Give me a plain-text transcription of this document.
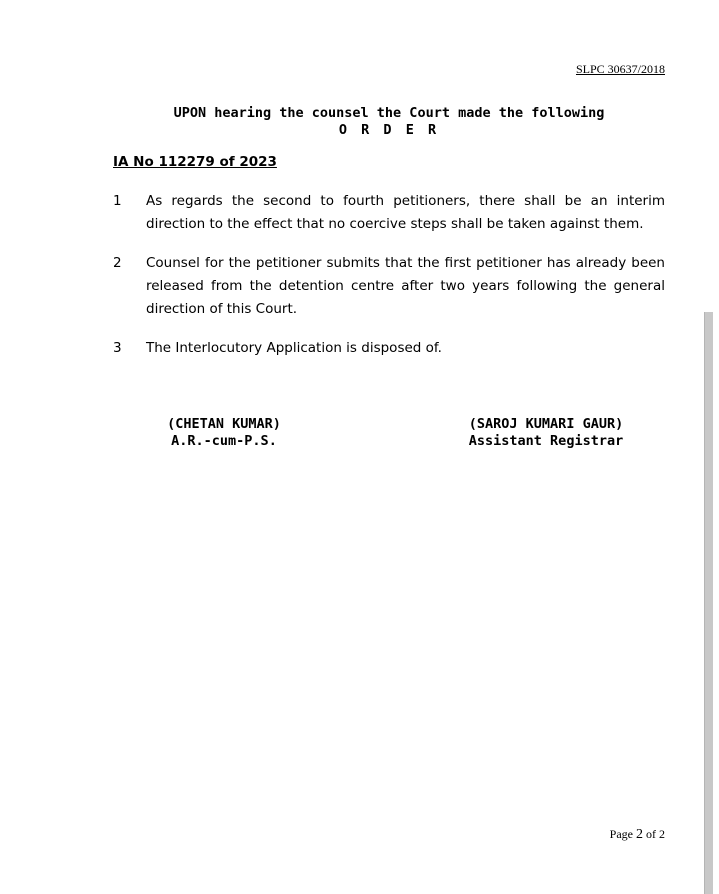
SLPC 30637/2018
UPON hearing the counsel the Court made the following
O R D E R
IA No 112279 of 2023
1 As regards the second to fourth petitioners, there shall be an interim direction to the effect that no coercive steps shall be taken against them.
2 Counsel for the petitioner submits that the first petitioner has already been released from the detention centre after two years following the general direction of this Court.
3 The Interlocutory Application is disposed of.
(CHETAN KUMAR)
A.R.-cum-P.S.
(SAROJ KUMARI GAUR)
Assistant Registrar
Page 2 of 2
